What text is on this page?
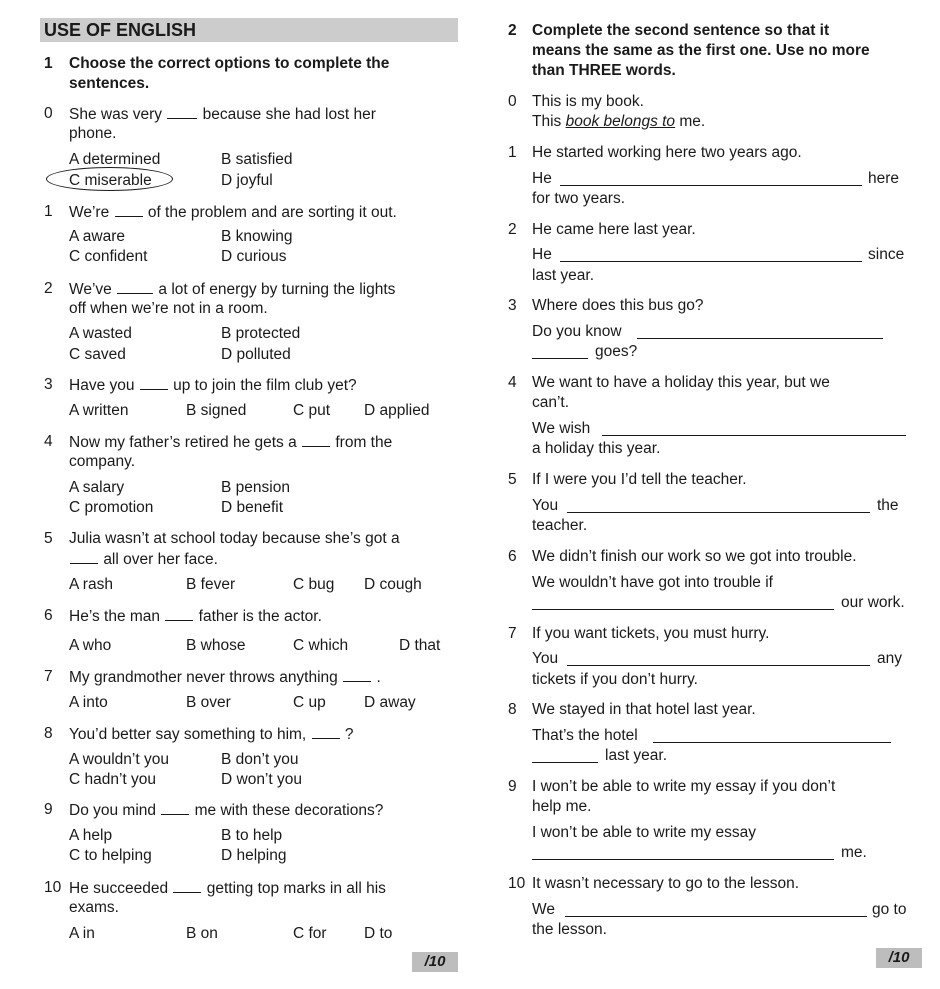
USE OF ENGLISH
1 Choose the correct options to complete the
sentences.
0 She was very	because she had lost her
phone.
A determined	B satisfied
C miserable	D joyful
1 We’re of the problem and are sorting it out.
A aware	B knowing
C confident	D curious
2 We’ve	a lot of energy by turning the lights
off when we’re not in a room.
A wasted	B protected
C saved	D polluted
3 Have you up to join the film club yet?
A written	B signed	C put D applied
4 Now my father’s retired he gets a from the
company.
A salary	B pension
C promotion	D benefit
5 Julia wasn’t at school today because she’s got a
all over her face.
A rash	B fever	C bug D cough
6 He’s the man father is the actor.
A who	B whose	C which	D that
7 My grandmother never throws anything .
A into	B over	C up D away
8 You’d better say something to him, ?
A wouldn’t you	B don’t you
C hadn’t you	D won’t you
9 Do you mind me with these decorations?
A help	B to help
C to helping	D helping
10 He succeeded getting top marks in all his
exams.
A in	B on	C for D to
/10
2 Complete the second sentence so that it
means the same as the first one. Use no more
than THREE words.
0 This is my book.
This book belongs to me.
1 He started working here two years ago.
He	here
for two years.
2 He came here last year.
He	since
last year.
3 Where does this bus go?
Do you know
goes?
4 We want to have a holiday this year, but we
can’t.
We wish
a holiday this year.
5 If I were you I’d tell the teacher.
You	the
teacher.
6 We didn’t finish our work so we got into trouble.
We wouldn’t have got into trouble if
our work.
7 If you want tickets, you must hurry.
You	any
tickets if you don’t hurry.
8 We stayed in that hotel last year.
That’s the hotel
last year.
9 I won’t be able to write my essay if you don’t
help me.
I won’t be able to write my essay
me.
10 It wasn’t necessary to go to the lesson.
We	go to
the lesson.
/10
